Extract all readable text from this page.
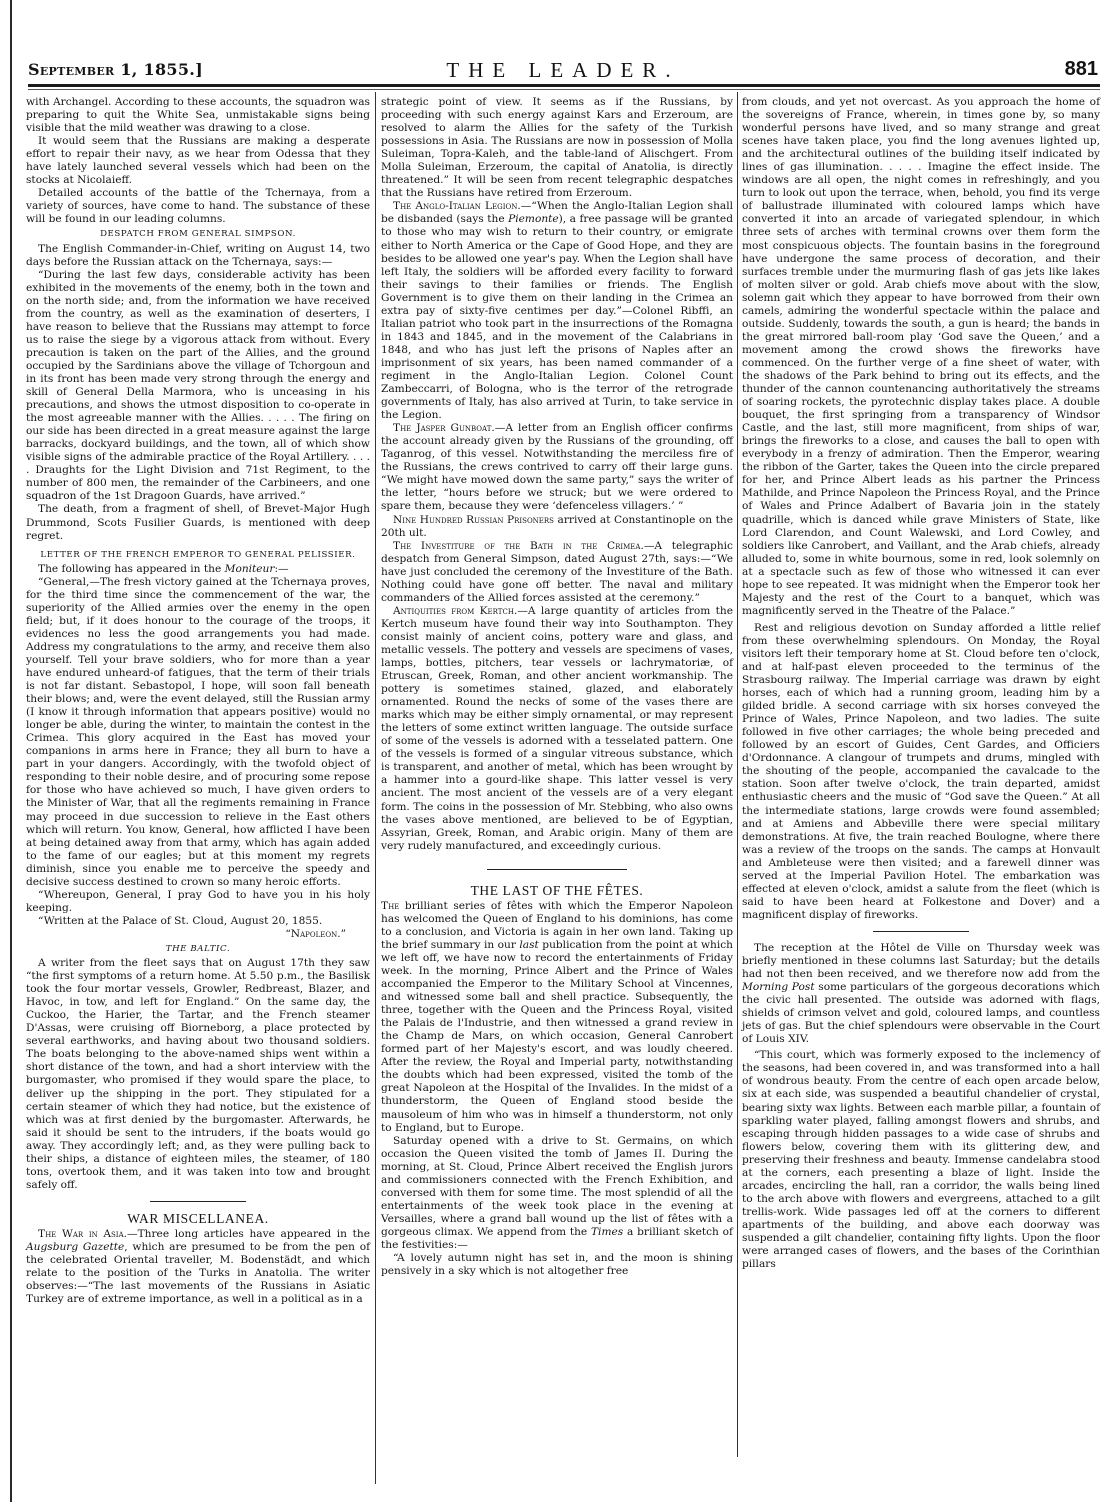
September 1, 1855.]	THE LEADER.	881

with Archangel. According to these accounts, the squadron was preparing to quit the White Sea, unmistakable signs being visible that the mild weather was drawing to a close.

It would seem that the Russians are making a desperate effort to repair their navy, as we hear from Odessa that they have lately launched several vessels which had been on the stocks at Nicolaieff.

Detailed accounts of the battle of the Tchernaya, from a variety of sources, have come to hand. The substance of these will be found in our leading columns.

DESPATCH FROM GENERAL SIMPSON.

The English Commander-in-Chief, writing on August 14, two days before the Russian attack on the Tchernaya, says:—

“During the last few days, considerable activity has been exhibited in the movements of the enemy, both in the town and on the north side; and, from the information we have received from the country, as well as the examination of deserters, I have reason to believe that the Russians may attempt to force us to raise the siege by a vigorous attack from without. Every precaution is taken on the part of the Allies, and the ground occupied by the Sardinians above the village of Tchorgoun and in its front has been made very strong through the energy and skill of General Della Marmora, who is unceasing in his precautions, and shows the utmost disposition to co-operate in the most agreeable manner with the Allies. . . . . The firing on our side has been directed in a great measure against the large barracks, dockyard buildings, and the town, all of which show visible signs of the admirable practice of the Royal Artillery. . . . . Draughts for the Light Division and 71st Regiment, to the number of 800 men, the remainder of the Carbineers, and one squadron of the 1st Dragoon Guards, have arrived.”

The death, from a fragment of shell, of Brevet-Major Hugh Drummond, Scots Fusilier Guards, is mentioned with deep regret.

LETTER OF THE FRENCH EMPEROR TO GENERAL PELISSIER.

The following has appeared in the Moniteur:—

“General,—The fresh victory gained at the Tchernaya proves, for the third time since the commencement of the war, the superiority of the Allied armies over the enemy in the open field; but, if it does honour to the courage of the troops, it evidences no less the good arrangements you had made. Address my congratulations to the army, and receive them also yourself. Tell your brave soldiers, who for more than a year have endured unheard-of fatigues, that the term of their trials is not far distant. Sebastopol, I hope, will soon fall beneath their blows; and, were the event delayed, still the Russian army (I know it through information that appears positive) would no longer be able, during the winter, to maintain the contest in the Crimea. This glory acquired in the East has moved your companions in arms here in France; they all burn to have a part in your dangers. Accordingly, with the twofold object of responding to their noble desire, and of procuring some repose for those who have achieved so much, I have given orders to the Minister of War, that all the regiments remaining in France may proceed in due succession to relieve in the East others which will return. You know, General, how afflicted I have been at being detained away from that army, which has again added to the fame of our eagles; but at this moment my regrets diminish, since you enable me to perceive the speedy and decisive success destined to crown so many heroic efforts.

“Whereupon, General, I pray God to have you in his holy keeping.

“Written at the Palace of St. Cloud, August 20, 1855.

“Napoleon.”

THE BALTIC.

A writer from the fleet says that on August 17th they saw “the first symptoms of a return home. At 5.50 p.m., the Basilisk took the four mortar vessels, Growler, Redbreast, Blazer, and Havoc, in tow, and left for England.” On the same day, the Cuckoo, the Harier, the Tartar, and the French steamer D'Assas, were cruising off Biorneborg, a place protected by several earthworks, and having about two thousand soldiers. The boats belonging to the above-named ships went within a short distance of the town, and had a short interview with the burgomaster, who promised if they would spare the place, to deliver up the shipping in the port. They stipulated for a certain steamer of which they had notice, but the existence of which was at first denied by the burgomaster. Afterwards, he said it should be sent to the intruders, if the boats would go away. They accordingly left; and, as they were pulling back to their ships, a distance of eighteen miles, the steamer, of 180 tons, overtook them, and it was taken into tow and brought safely off.

WAR MISCELLANEA.

The War in Asia.—Three long articles have appeared in the Augsburg Gazette, which are presumed to be from the pen of the celebrated Oriental traveller, M. Bodenstädt, and which relate to the position of the Turks in Anatolia. The writer observes:—“The last movements of the Russians in Asiatic Turkey are of extreme importance, as well in a political as in a

strategic point of view. It seems as if the Russians, by proceeding with such energy against Kars and Erzeroum, are resolved to alarm the Allies for the safety of the Turkish possessions in Asia. The Russians are now in possession of Molla Suleiman, Topra-Kaleh, and the table-land of Alischgert. From Molla Suleiman, Erzeroum, the capital of Anatolia, is directly threatened.” It will be seen from recent telegraphic despatches that the Russians have retired from Erzeroum.

The Anglo-Italian Legion.—“When the Anglo-Italian Legion shall be disbanded (says the Piemonte), a free passage will be granted to those who may wish to return to their country, or emigrate either to North America or the Cape of Good Hope, and they are besides to be allowed one year's pay. When the Legion shall have left Italy, the soldiers will be afforded every facility to forward their savings to their families or friends. The English Government is to give them on their landing in the Crimea an extra pay of sixty-five centimes per day.”—Colonel Ribffi, an Italian patriot who took part in the insurrections of the Romagna in 1843 and 1845, and in the movement of the Calabrians in 1848, and who has just left the prisons of Naples after an imprisonment of six years, has been named commander of a regiment in the Anglo-Italian Legion. Colonel Count Zambeccarri, of Bologna, who is the terror of the retrograde governments of Italy, has also arrived at Turin, to take service in the Legion.

The Jasper Gunboat.—A letter from an English officer confirms the account already given by the Russians of the grounding, off Taganrog, of this vessel. Notwithstanding the merciless fire of the Russians, the crews contrived to carry off their large guns. “We might have mowed down the same party,” says the writer of the letter, “hours before we struck; but we were ordered to spare them, because they were ‘defenceless villagers.’ ”

Nine Hundred Russian Prisoners arrived at Constantinople on the 20th ult.

The Investiture of the Bath in the Crimea.—A telegraphic despatch from General Simpson, dated August 27th, says:—“We have just concluded the ceremony of the Investiture of the Bath. Nothing could have gone off better. The naval and military commanders of the Allied forces assisted at the ceremony.”

Antiquities from Kertch.—A large quantity of articles from the Kertch museum have found their way into Southampton. They consist mainly of ancient coins, pottery ware and glass, and metallic vessels. The pottery and vessels are specimens of vases, lamps, bottles, pitchers, tear vessels or lachrymatoriæ, of Etruscan, Greek, Roman, and other ancient workmanship. The pottery is sometimes stained, glazed, and elaborately ornamented. Round the necks of some of the vases there are marks which may be either simply ornamental, or may represent the letters of some extinct written language. The outside surface of some of the vessels is adorned with a tesselated pattern. One of the vessels is formed of a singular vitreous substance, which is transparent, and another of metal, which has been wrought by a hammer into a gourd-like shape. This latter vessel is very ancient. The most ancient of the vessels are of a very elegant form. The coins in the possession of Mr. Stebbing, who also owns the vases above mentioned, are believed to be of Egyptian, Assyrian, Greek, Roman, and Arabic origin. Many of them are very rudely manufactured, and exceedingly curious.

THE LAST OF THE FÊTES.

The brilliant series of fêtes with which the Emperor Napoleon has welcomed the Queen of England to his dominions, has come to a conclusion, and Victoria is again in her own land. Taking up the brief summary in our last publication from the point at which we left off, we have now to record the entertainments of Friday week. In the morning, Prince Albert and the Prince of Wales accompanied the Emperor to the Military School at Vincennes, and witnessed some ball and shell practice. Subsequently, the three, together with the Queen and the Princess Royal, visited the Palais de l'Industrie, and then witnessed a grand review in the Champ de Mars, on which occasion, General Canrobert formed part of her Majesty's escort, and was loudly cheered. After the review, the Royal and Imperial party, notwithstanding the doubts which had been expressed, visited the tomb of the great Napoleon at the Hospital of the Invalides. In the midst of a thunderstorm, the Queen of England stood beside the mausoleum of him who was in himself a thunderstorm, not only to England, but to Europe.

Saturday opened with a drive to St. Germains, on which occasion the Queen visited the tomb of James II. During the morning, at St. Cloud, Prince Albert received the English jurors and commissioners connected with the French Exhibition, and conversed with them for some time. The most splendid of all the entertainments of the week took place in the evening at Versailles, where a grand ball wound up the list of fêtes with a gorgeous climax. We append from the Times a brilliant sketch of the festivities:—

“A lovely autumn night has set in, and the moon is shining pensively in a sky which is not altogether free

from clouds, and yet not overcast. As you approach the home of the sovereigns of France, wherein, in times gone by, so many wonderful persons have lived, and so many strange and great scenes have taken place, you find the long avenues lighted up, and the architectural outlines of the building itself indicated by lines of gas illumination. . . . . Imagine the effect inside. The windows are all open, the night comes in refreshingly, and you turn to look out upon the terrace, when, behold, you find its verge of ballustrade illuminated with coloured lamps which have converted it into an arcade of variegated splendour, in which three sets of arches with terminal crowns over them form the most conspicuous objects. The fountain basins in the foreground have undergone the same process of decoration, and their surfaces tremble under the murmuring flash of gas jets like lakes of molten silver or gold. Arab chiefs move about with the slow, solemn gait which they appear to have borrowed from their own camels, admiring the wonderful spectacle within the palace and outside. Suddenly, towards the south, a gun is heard; the bands in the great mirrored ball-room play ‘God save the Queen,’ and a movement among the crowd shows the fireworks have commenced. On the further verge of a fine sheet of water, with the shadows of the Park behind to bring out its effects, and the thunder of the cannon countenancing authoritatively the streams of soaring rockets, the pyrotechnic display takes place. A double bouquet, the first springing from a transparency of Windsor Castle, and the last, still more magnificent, from ships of war, brings the fireworks to a close, and causes the ball to open with everybody in a frenzy of admiration. Then the Emperor, wearing the ribbon of the Garter, takes the Queen into the circle prepared for her, and Prince Albert leads as his partner the Princess Mathilde, and Prince Napoleon the Princess Royal, and the Prince of Wales and Prince Adalbert of Bavaria join in the stately quadrille, which is danced while grave Ministers of State, like Lord Clarendon, and Count Walewski, and Lord Cowley, and soldiers like Canrobert, and Vaillant, and the Arab chiefs, already alluded to, some in white bournous, some in red, look solemnly on at a spectacle such as few of those who witnessed it can ever hope to see repeated. It was midnight when the Emperor took her Majesty and the rest of the Court to a banquet, which was magnificently served in the Theatre of the Palace.”

Rest and religious devotion on Sunday afforded a little relief from these overwhelming splendours. On Monday, the Royal visitors left their temporary home at St. Cloud before ten o'clock, and at half-past eleven proceeded to the terminus of the Strasbourg railway. The Imperial carriage was drawn by eight horses, each of which had a running groom, leading him by a gilded bridle. A second carriage with six horses conveyed the Prince of Wales, Prince Napoleon, and two ladies. The suite followed in five other carriages; the whole being preceded and followed by an escort of Guides, Cent Gardes, and Officiers d'Ordonnance. A clangour of trumpets and drums, mingled with the shouting of the people, accompanied the cavalcade to the station. Soon after twelve o'clock, the train departed, amidst enthusiastic cheers and the music of “God save the Queen.” At all the intermediate stations, large crowds were found assembled; and at Amiens and Abbeville there were special military demonstrations. At five, the train reached Boulogne, where there was a review of the troops on the sands. The camps at Honvault and Ambleteuse were then visited; and a farewell dinner was served at the Imperial Pavilion Hotel. The embarkation was effected at eleven o'clock, amidst a salute from the fleet (which is said to have been heard at Folkestone and Dover) and a magnificent display of fireworks.

The reception at the Hôtel de Ville on Thursday week was briefly mentioned in these columns last Saturday; but the details had not then been received, and we therefore now add from the Morning Post some particulars of the gorgeous decorations which the civic hall presented. The outside was adorned with flags, shields of crimson velvet and gold, coloured lamps, and countless jets of gas. But the chief splendours were observable in the Court of Louis XIV.

“This court, which was formerly exposed to the inclemency of the seasons, had been covered in, and was transformed into a hall of wondrous beauty. From the centre of each open arcade below, six at each side, was suspended a beautiful chandelier of crystal, bearing sixty wax lights. Between each marble pillar, a fountain of sparkling water played, falling amongst flowers and shrubs, and escaping through hidden passages to a wide case of shrubs and flowers below, covering them with its glittering dew, and preserving their freshness and beauty. Immense candelabra stood at the corners, each presenting a blaze of light. Inside the arcades, encircling the hall, ran a corridor, the walls being lined to the arch above with flowers and evergreens, attached to a gilt trellis-work. Wide passages led off at the corners to different apartments of the building, and above each doorway was suspended a gilt chandelier, containing fifty lights. Upon the floor were arranged cases of flowers, and the bases of the Corinthian pillars
